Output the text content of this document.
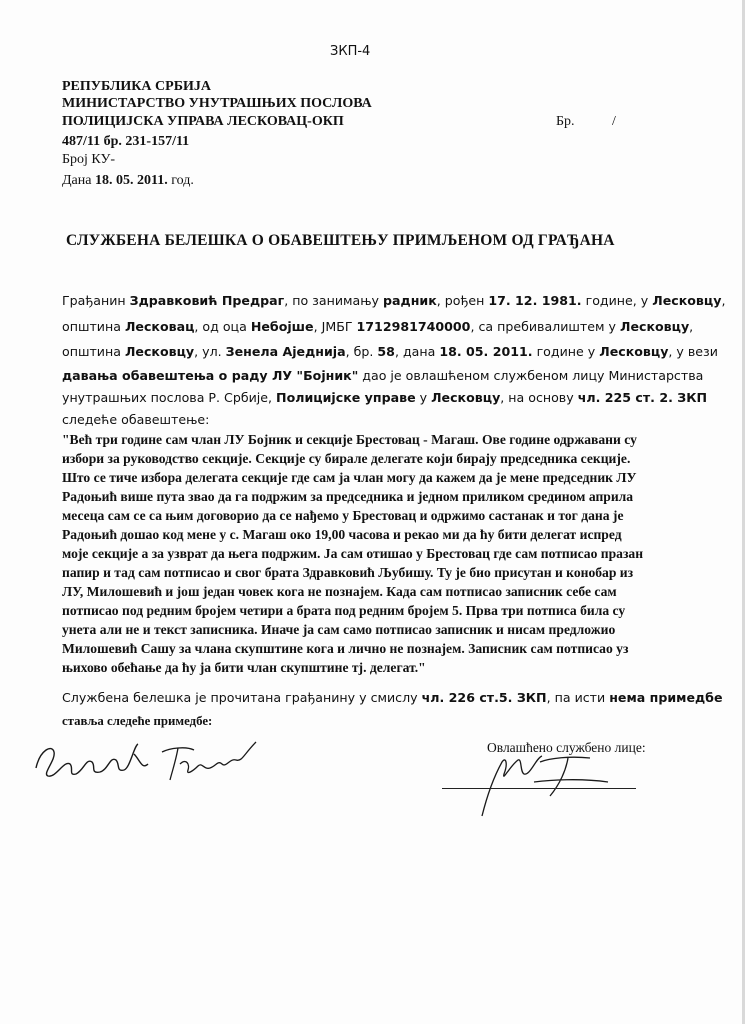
ЗКП-4
РЕПУБЛИКА СРБИЈА
МИНИСТАРСТВО УНУТРАШЊИХ ПОСЛОВА
ПОЛИЦИЈСКА УПРАВА ЛЕСКОВАЦ-ОКП
487/11 бр. 231-157/11
Број КУ-
Дана 18. 05. 2011. год.
Бр.	/
СЛУЖБЕНА БЕЛЕШКА О ОБАВЕШТЕЊУ ПРИМЉЕНОМ ОД ГРАЂАНА
Грађанин Здравковић Предраг, по занимању радник, рођен 17. 12. 1981. године, у Лесковцу,
општина Лесковац, од оца Небојше, ЈМБГ 1712981740000, са пребивалиштем у Лесковцу,
општина Лесковцу, ул. Зенела Аједнија, бр. 58, дана 18. 05. 2011. године у Лесковцу, у вези
давања обавештења о раду ЛУ "Бојник" дао је овлашћеном службеном лицу Министарства
унутрашњих послова Р. Србије, Полицијске управе у Лесковцу, на основу чл. 225 ст. 2. ЗКП
следеће обавештење:
"Већ три године сам члан ЛУ Бојник и секције Брестовац - Магаш. Ове године одржавани су
избори за руководство секције. Секције су бирале делегате који бирају председника секције.
Што се тиче избора делегата секције где сам ја члан могу да кажем да је мене председник ЛУ
Радоњић више пута звао да га подржим за председника и једном приликом средином априла
месеца сам се са њим договорио да се нађемо у Брестовац и одржимо састанак и тог дана је
Радоњић дошао код мене у с. Магаш око 19,00 часова и рекао ми да ћу бити делегат испред
моје секције а за узврат да њега подржим. Ја сам отишао у Брестовац где сам потписао празан
папир и тад сам потписао и свог брата Здравковић Љубишу. Ту је био присутан и конобар из
ЛУ, Милошевић и још један човек кога не познајем. Када сам потписао записник себе сам
потписао под редним бројем четири а брата под редним бројем 5. Прва три потписа била су
унета али не и текст записника. Иначе ја сам само потписао записник и нисам предложио
Милошевић Сашу за члана скупштине кога и лично не познајем. Записник сам потписао уз
њихово обећање да ћу ја бити члан скупштине тј. делегат."
Службена белешка је прочитана грађанину у смислу чл. 226 ст.5. ЗКП, па исти нема примедбе
стављa следеће примедбе:
Овлашћено службено лице:
